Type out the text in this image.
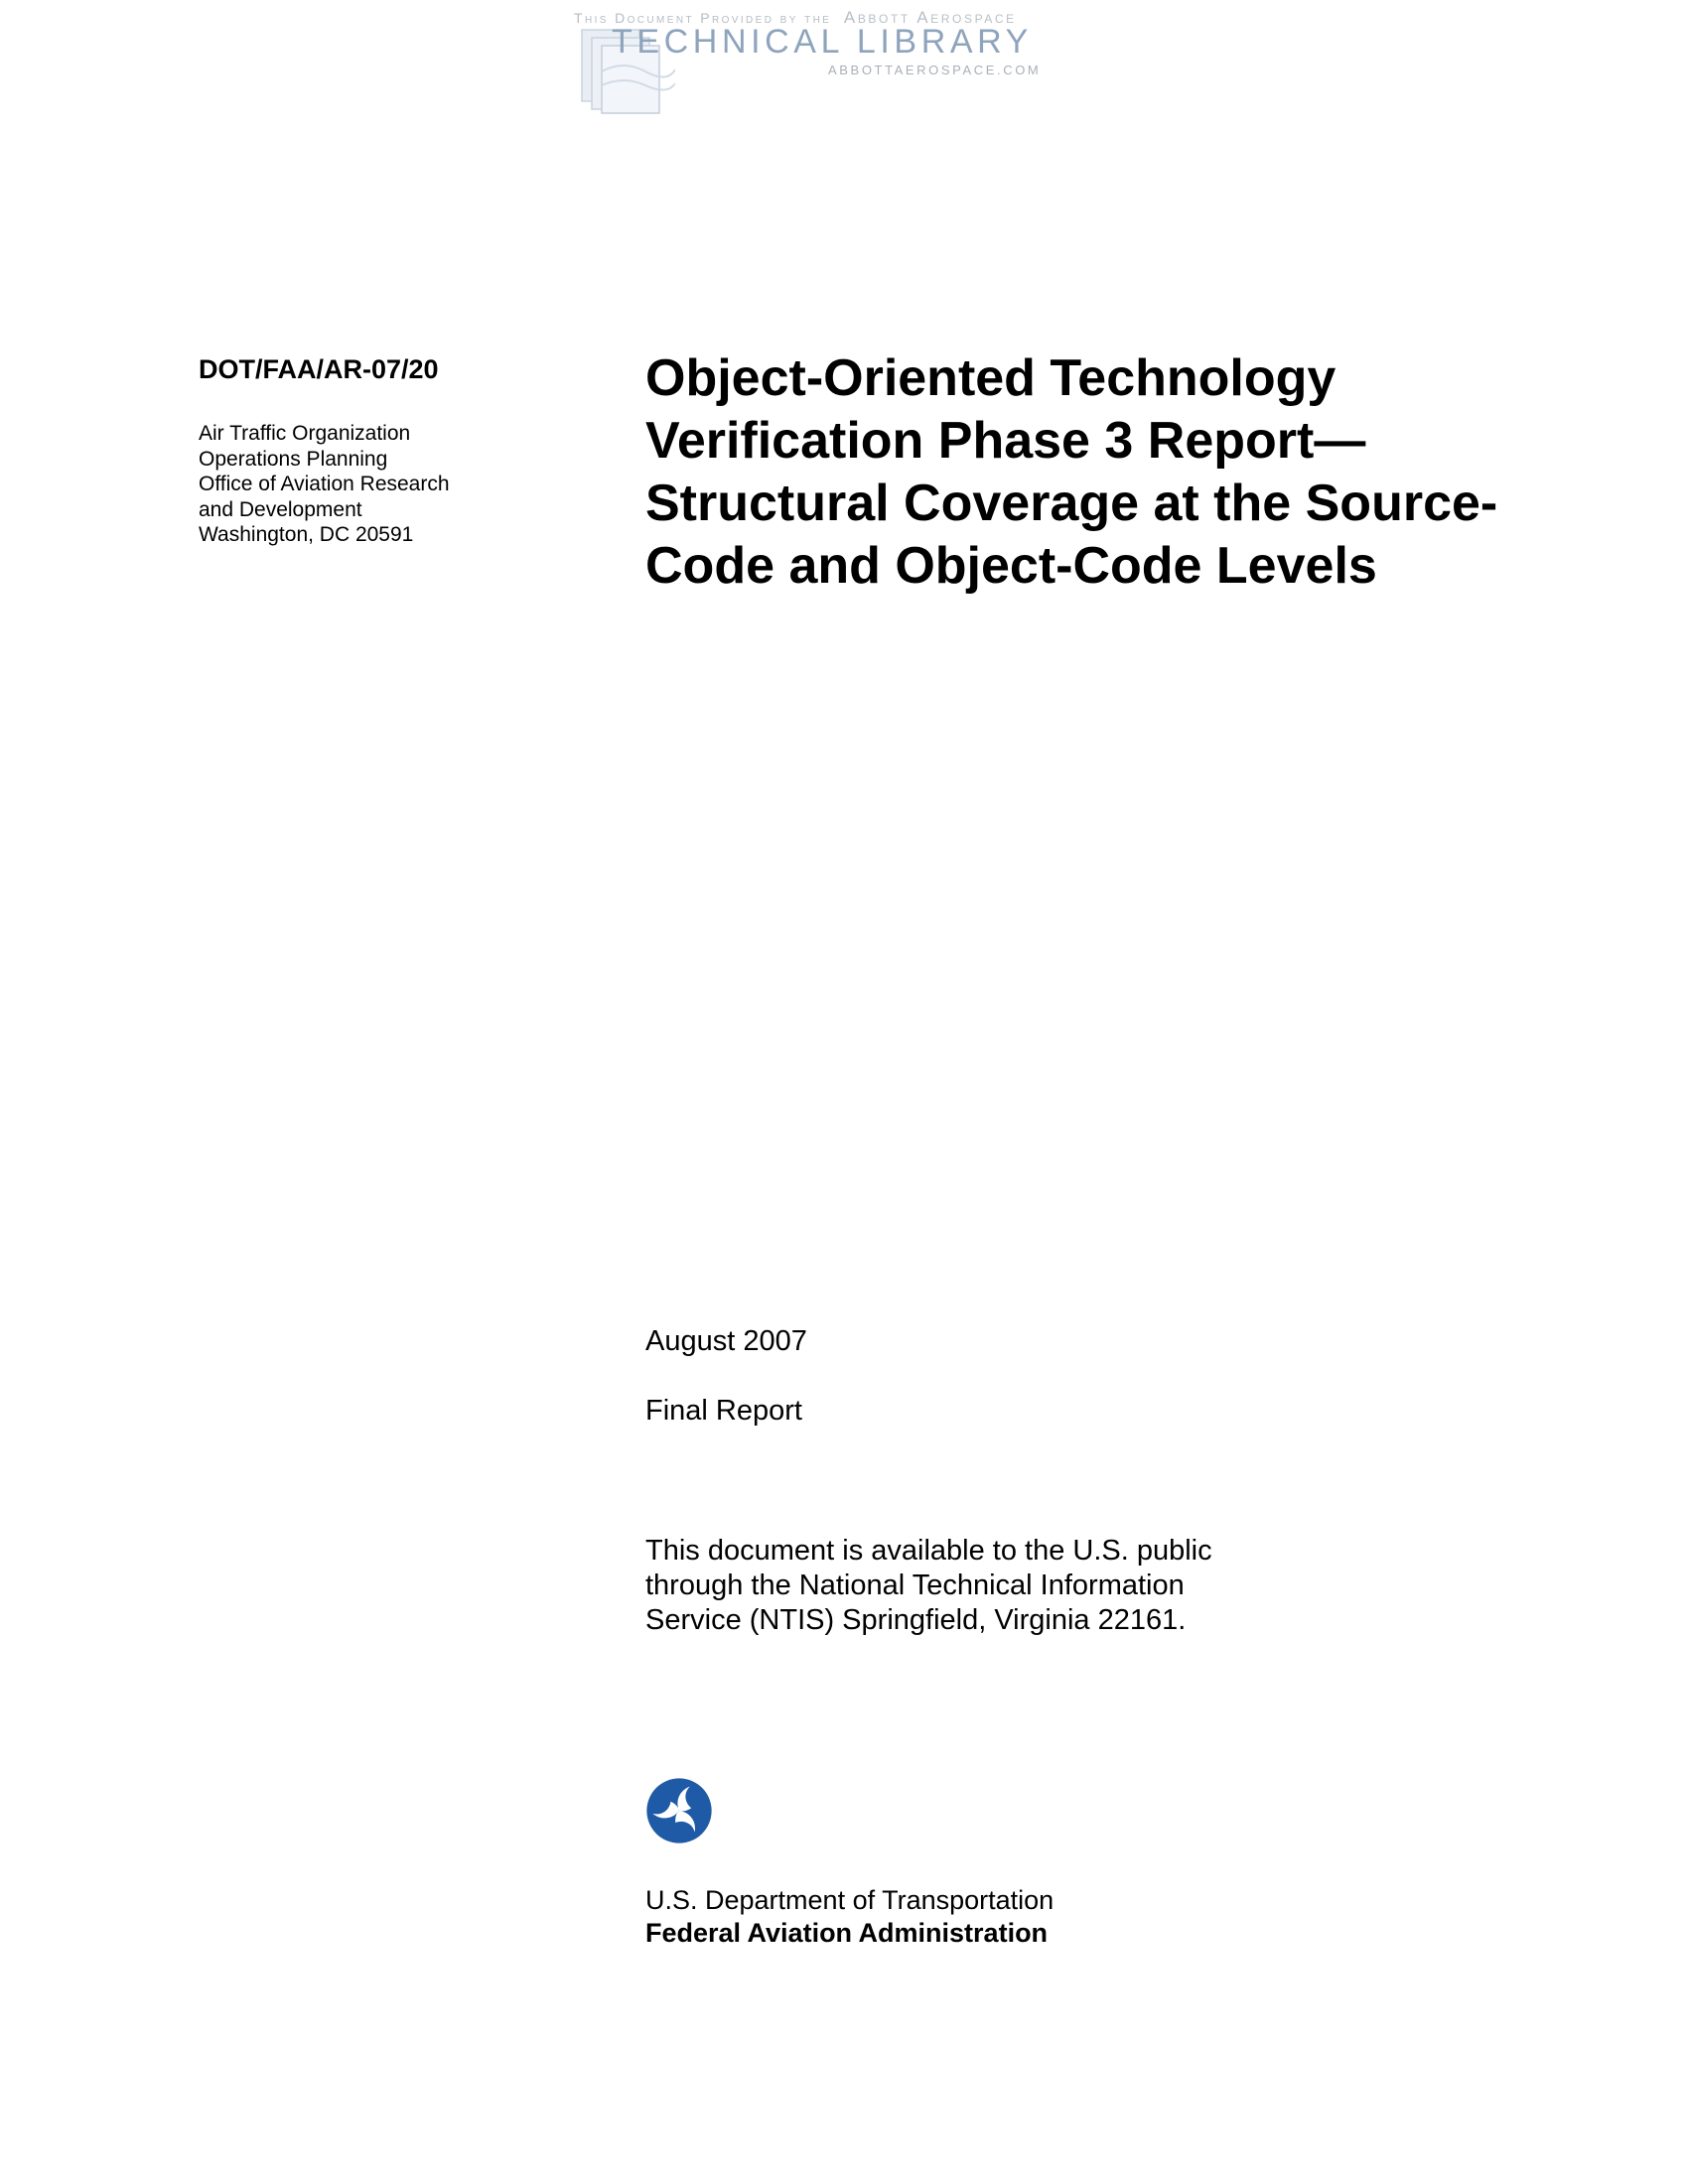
This Document Provided by the Abbott Aerospace
TECHNICAL LIBRARY
ABBOTTAEROSPACE.COM
DOT/FAA/AR-07/20
Air Traffic Organization
Operations Planning
Office of Aviation Research
and Development
Washington, DC 20591
Object-Oriented Technology
Verification Phase 3 Report—
Structural Coverage at the Source-
Code and Object-Code Levels
August 2007
Final Report
This document is available to the U.S. public
through the National Technical Information
Service (NTIS) Springfield, Virginia 22161.
U.S. Department of Transportation
Federal Aviation Administration
